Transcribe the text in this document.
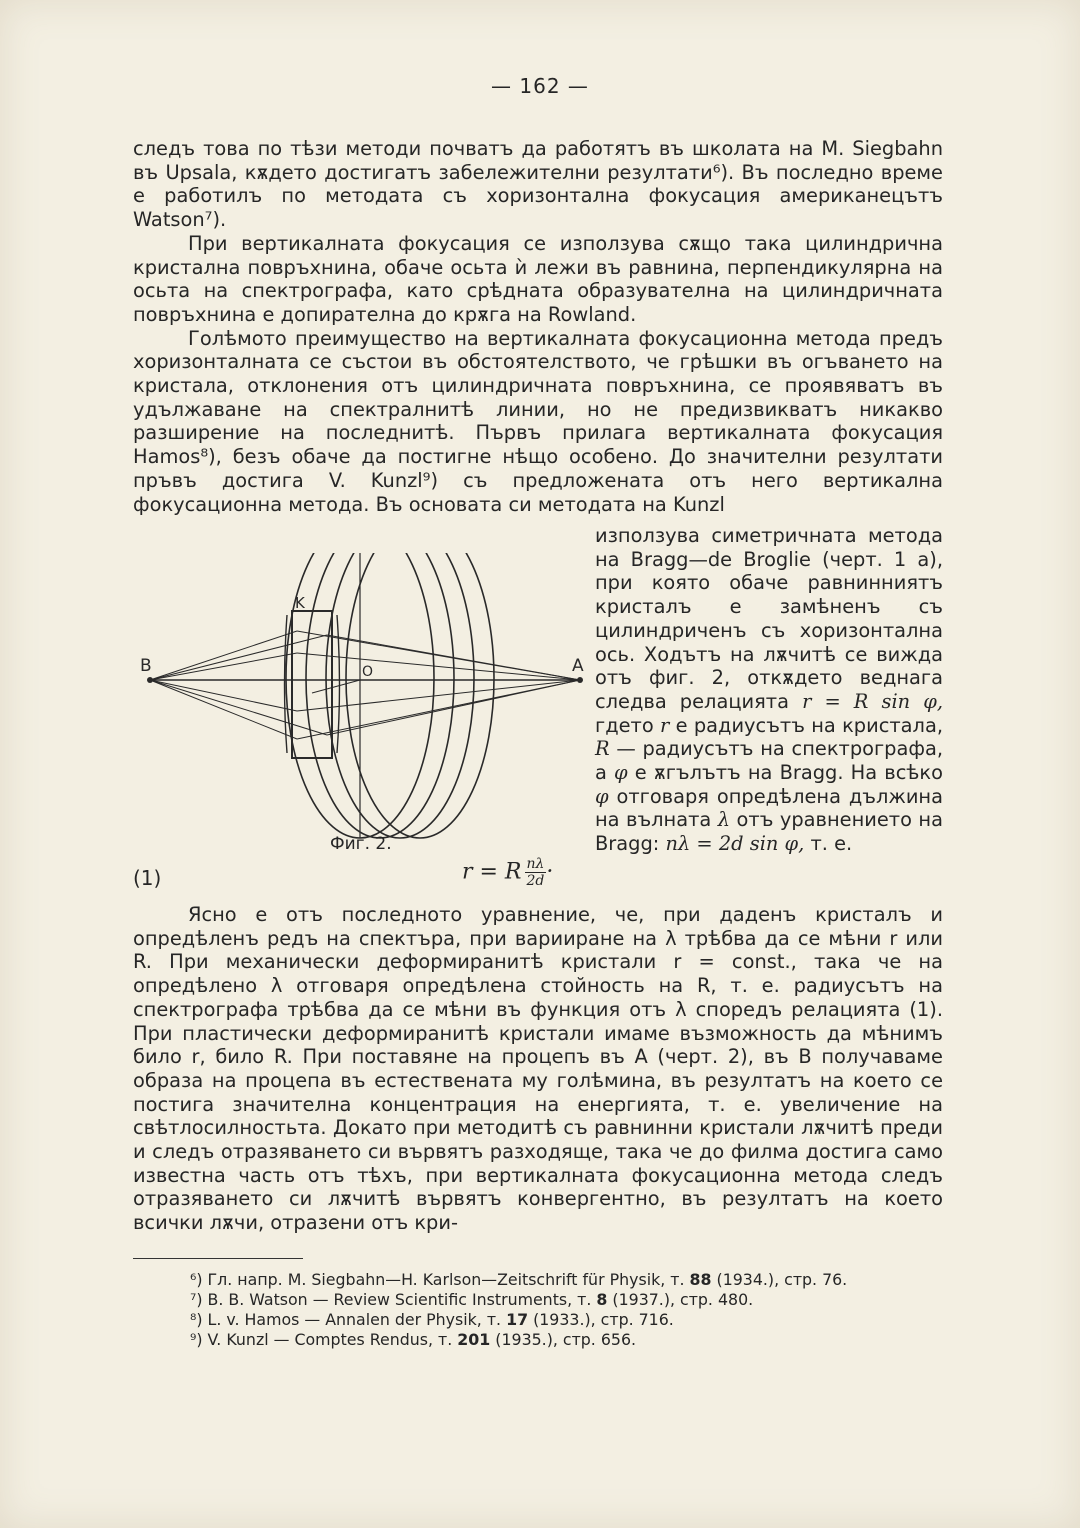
— 162 —

следъ това по тѣзи методи почватъ да работятъ въ школата на М. Siegbahn въ Upsala, кѫдето достигатъ забележителни резултати⁶). Въ последно време е работилъ по методата съ хоризонтална фокусация американецътъ Watson⁷).

При вертикалната фокусация се използува сѫщо така цилиндрична кристална повръхнина, обаче осьта ѝ лежи въ равнина, перпендикулярна на осьта на спектрографа, като срѣдната образувателна на цилиндричната повръхнина е допирателна до крѫга на Rowland.

Голѣмото преимущество на вертикалната фокусационна метода предъ хоризонталната се състои въ обстоятелството, че грѣшки въ огъването на кристала, отклонения отъ цилиндричната повръхнина, се проявяватъ въ удължаване на спектралнитѣ линии, но не предизвикватъ никакво разширение на последнитѣ. Първъ прилага вертикалната фокусация Hamos⁸), безъ обаче да постигне нѣщо особено. До значителни резултати пръвъ достига V. Kunzl⁹) съ предложената отъ него вертикална фокусационна метода. Въ основата си методата на Kunzl

B	A
O
K
Фиг. 2.
използува симетричната метода на Bragg—de Broglie (черт. 1 а), при която обаче равнинниятъ кристалъ е замѣненъ съ цилиндриченъ съ хоризонтална ось. Ходътъ на лѫчитѣ се вижда отъ фиг. 2, откѫдето веднага следва релацията r = R sin φ, гдето r е радиусътъ на кристала, R — радиусътъ на спектрографа, а φ е ѫгълътъ на Bragg. На всѣко φ отговаря опредѣлена дължина на вълната λ отъ уравнението на Bragg: nλ = 2d sin φ, т. е.
(1)	r = R $\frac{n\lambda}{2d}$ ·

Ясно е отъ последното уравнение, че, при даденъ кристалъ и опредѣленъ редъ на спектъра, при варииране на λ трѣбва да се мѣни r или R. При механически деформиранитѣ кристали r = const., така че на опредѣлено λ отговаря опредѣлена стойность на R, т. е. радиусътъ на спектрографа трѣбва да се мѣни въ функция отъ λ споредъ релацията (1). При пластически деформиранитѣ кристали имаме възможность да мѣнимъ било r, било R. При поставяне на процепъ въ A (черт. 2), въ B получаваме образа на процепа въ естествената му голѣмина, въ резултатъ на което се постига значителна концентрация на енергията, т. е. увеличение на свѣтлосилностьта. Докато при методитѣ съ равнинни кристали лѫчитѣ преди и следъ отразяването си вървятъ разходяще, така че до филма достига само известна часть отъ тѣхъ, при вертикалната фокусационна метода следъ отразяването си лѫчитѣ вървятъ конвергентно, въ резултатъ на което всички лѫчи, отразени отъ кри-

⁶) Гл. напр. M. Siegbahn—H. Karlson—Zeitschrift für Physik, т. 88 (1934.), стр. 76.
⁷) B. B. Watson — Review Scientific Instruments, т. 8 (1937.), стр. 480.
⁸) L. v. Hamos — Annalen der Physik, т. 17 (1933.), стр. 716.
⁹) V. Kunzl — Comptes Rendus, т. 201 (1935.), стр. 656.
